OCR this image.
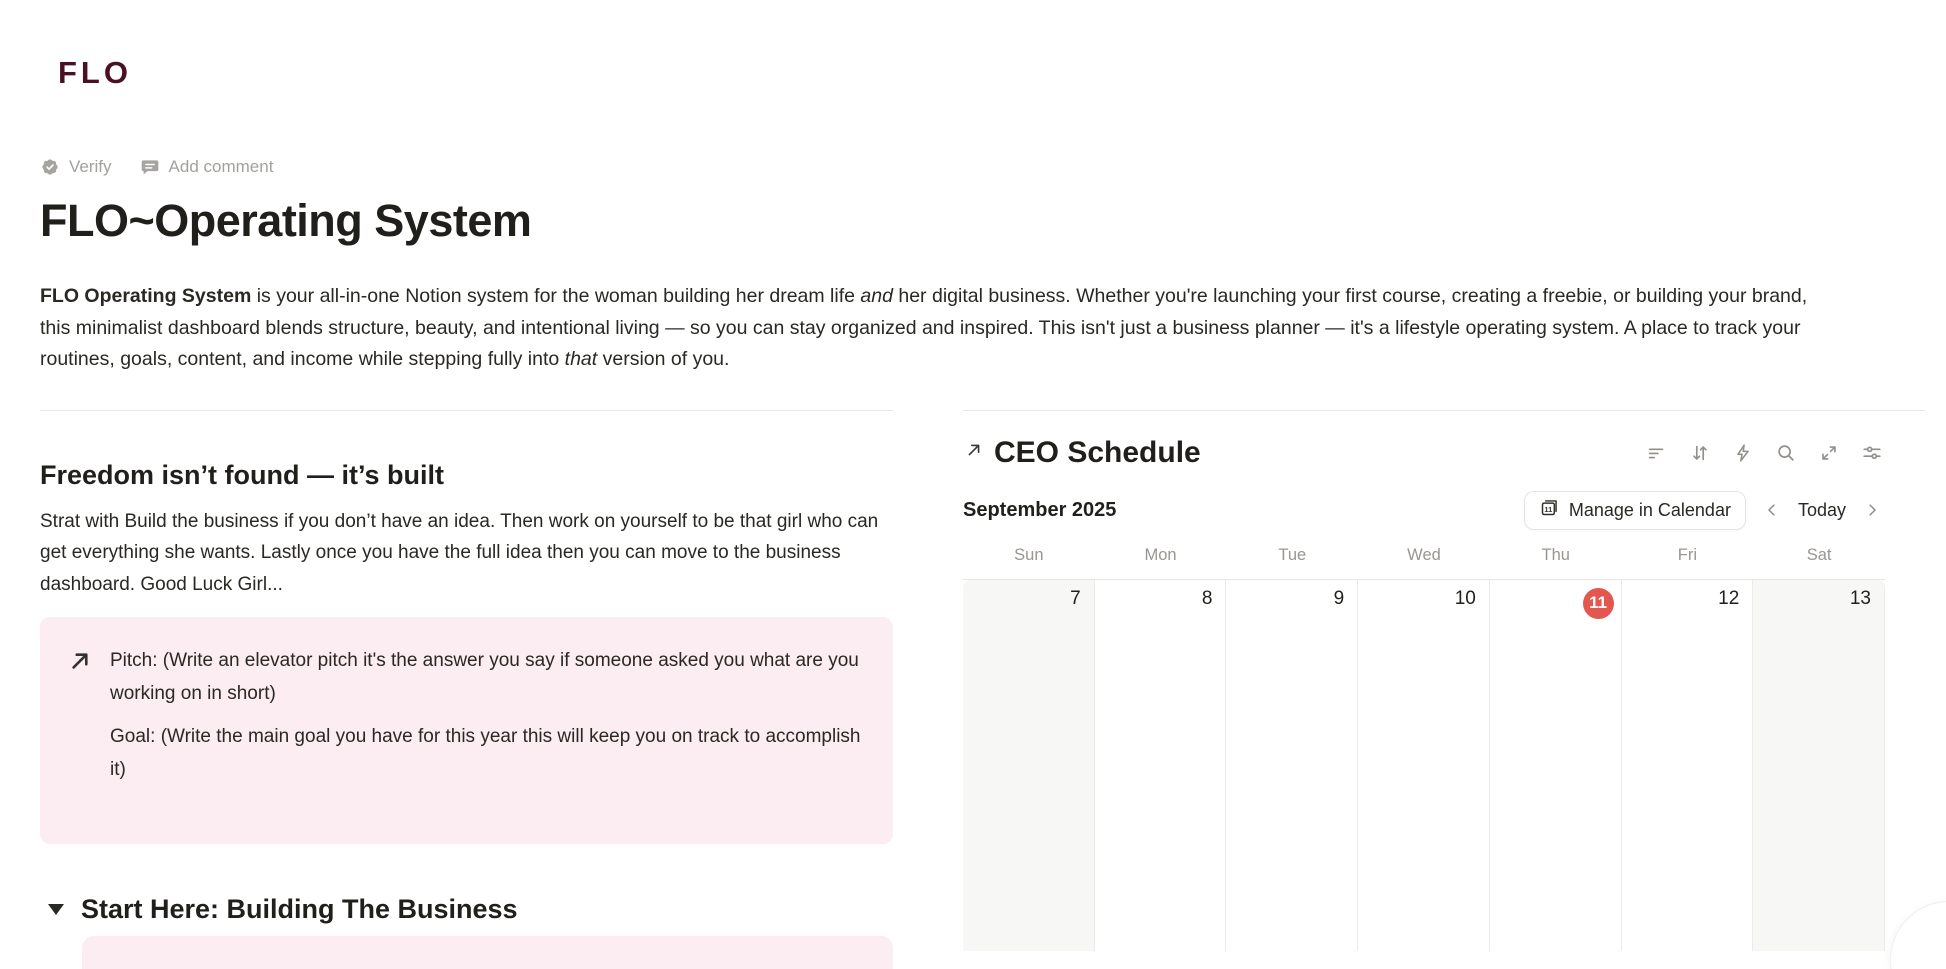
FLO
Verify	Add comment
FLO~Operating System

FLO Operating System is your all-in-one Notion system for the woman building her dream life and her digital business. Whether you're launching your first course, creating a freebie, or building your brand, this minimalist dashboard blends structure, beauty, and intentional living — so you can stay organized and inspired. This isn't just a business planner — it's a lifestyle operating system. A place to track your routines, goals, content, and income while stepping fully into that version of you.

Freedom isn’t found — it’s built

Strat with Build the business if you don’t have an idea. Then work on yourself to be that girl who can get everything she wants. Lastly once you have the full idea then you can move to the business dashboard. Good Luck Girl...

Pitch: (Write an elevator pitch it's the answer you say if someone asked you what are you working on in short)

Goal: (Write the main goal you have for this year this will keep you on track to accomplish it)

Start Here: Building The Business
CEO Schedule
September 2025	11 Manage in Calendar	Today
Sun	Mon	Tue	Wed	Thu	Fri	Sat
7	8	9	10	11	12	13
